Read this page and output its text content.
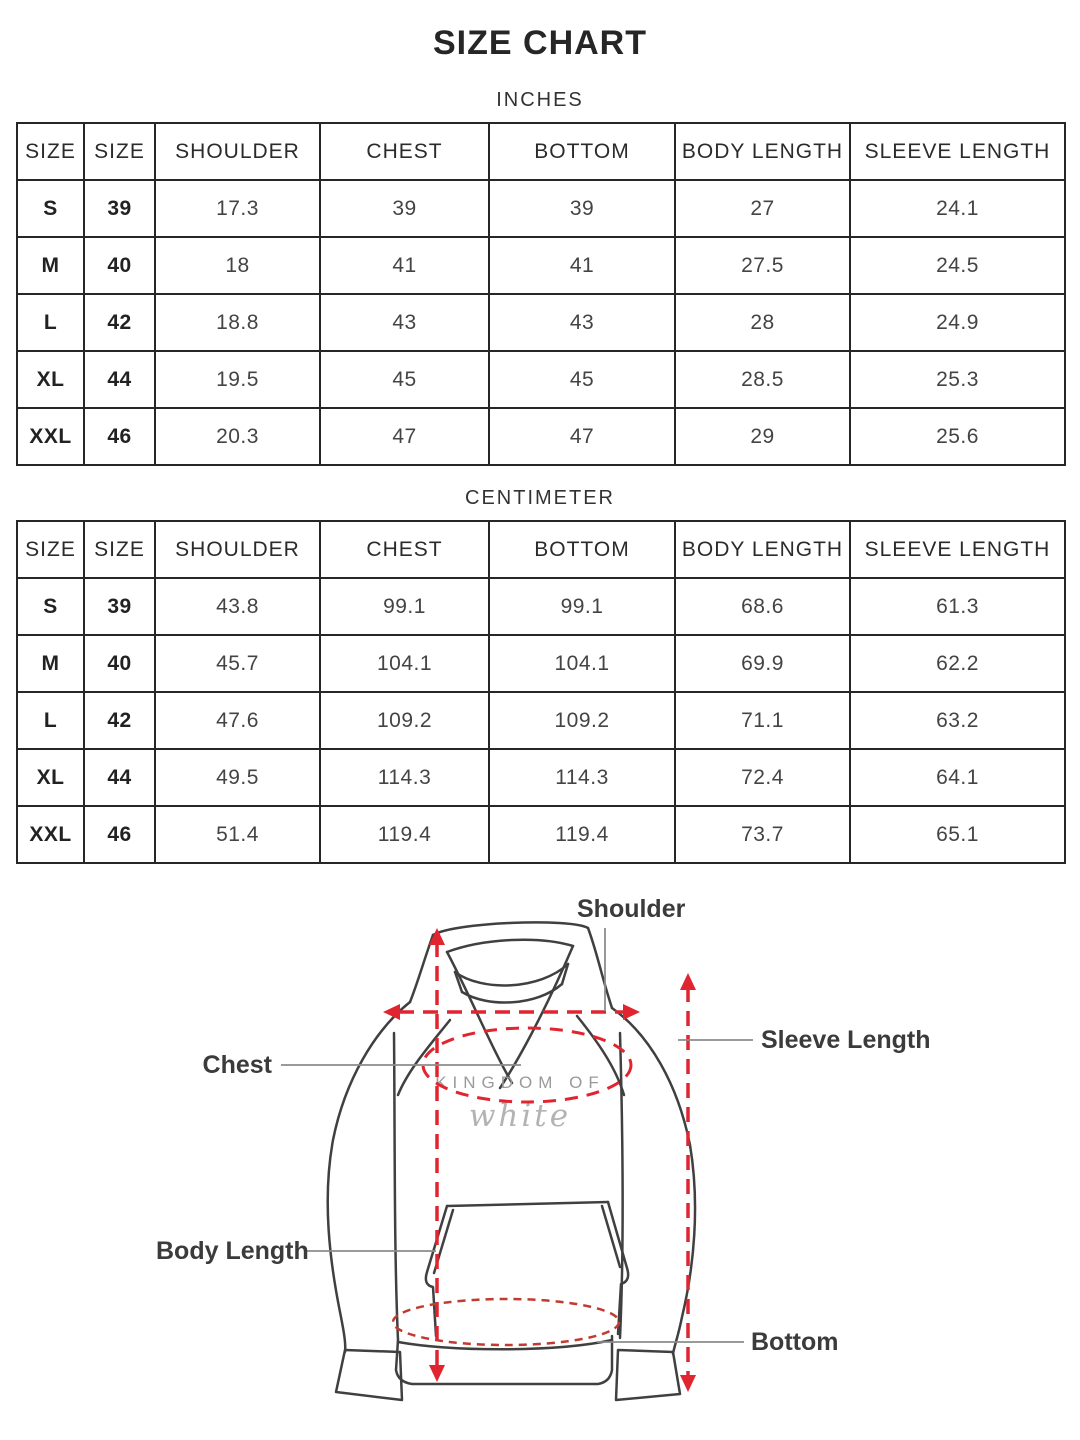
SIZE CHART
INCHES
SIZE	SIZE	SHOULDER	CHEST	BOTTOM	BODY LENGTH	SLEEVE LENGTH
S	39	17.3	39	39	27	24.1
M	40	18	41	41	27.5	24.5
L	42	18.8	43	43	28	24.9
XL	44	19.5	45	45	28.5	25.3
XXL	46	20.3	47	47	29	25.6
CENTIMETER
SIZE	SIZE	SHOULDER	CHEST	BOTTOM	BODY LENGTH	SLEEVE LENGTH
S	39	43.8	99.1	99.1	68.6	61.3
M	40	45.7	104.1	104.1	69.9	62.2
L	42	47.6	109.2	109.2	71.1	63.2
XL	44	49.5	114.3	114.3	72.4	64.1
XXL	46	51.4	119.4	119.4	73.7	65.1
KINGDOM OF
white
Shoulder
Sleeve Length
Chest
Body Length
Bottom
